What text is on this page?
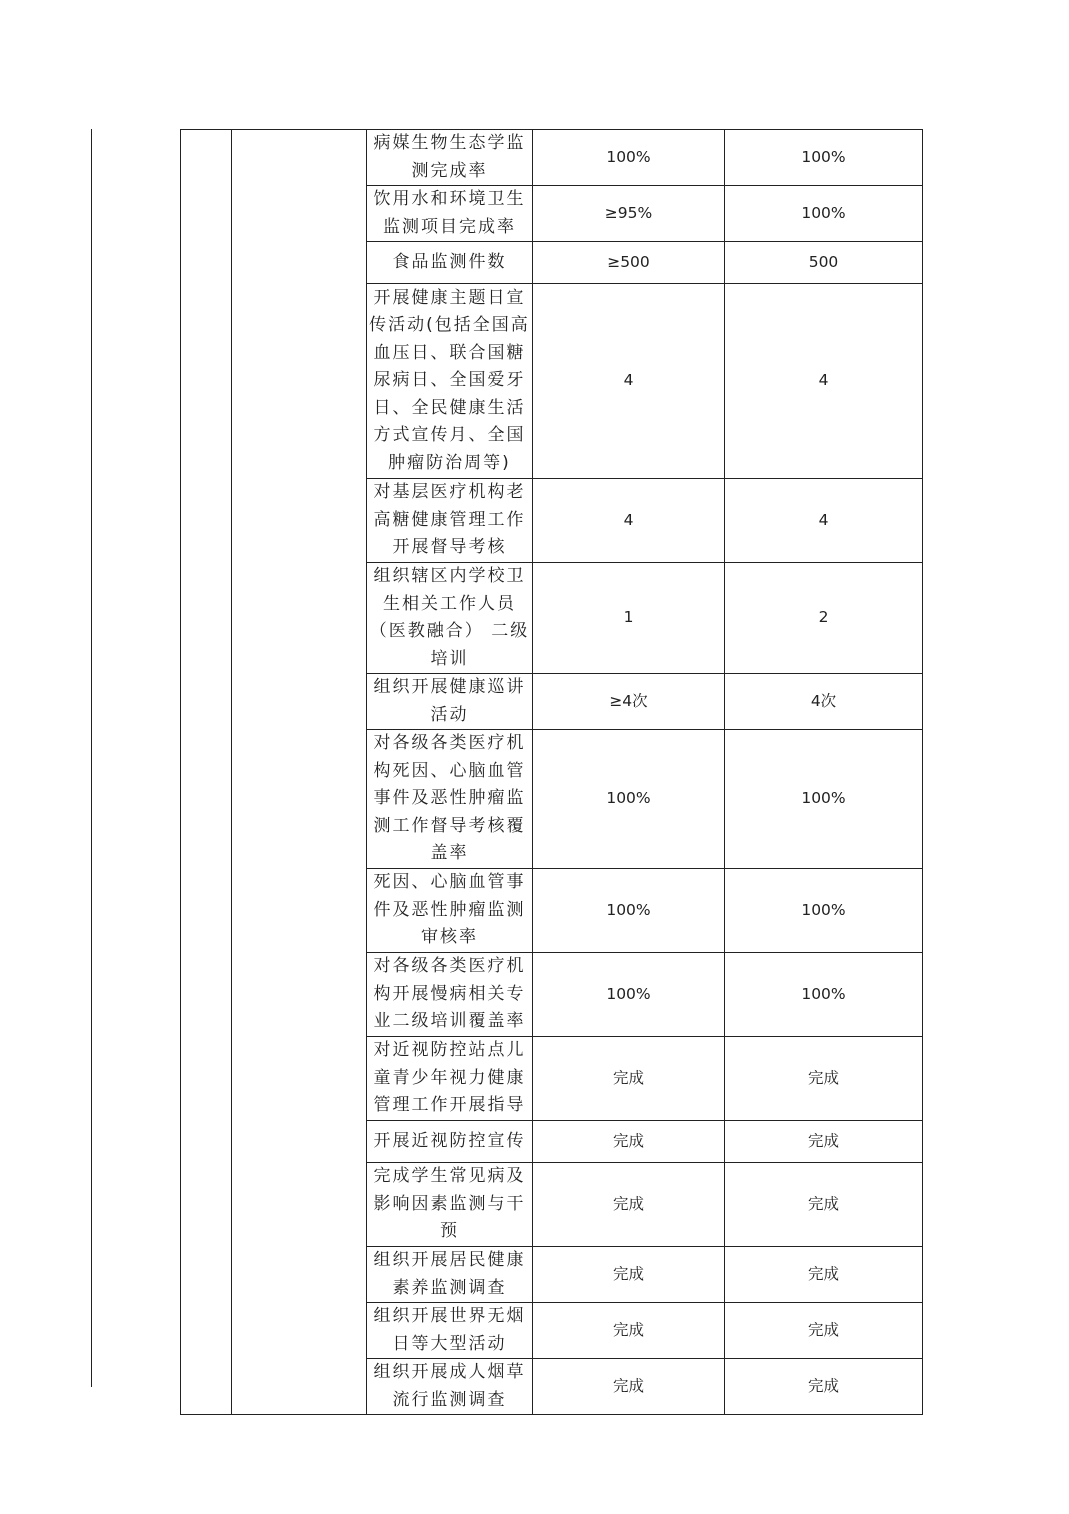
		病媒生物生态学监测完成率	100%	100%
		饮用水和环境卫生监测项目完成率	≥95%	100%
		食品监测件数	≥500	500
		开展健康主题日宣传活动(包括全国高血压日、联合国糖尿病日、全国爱牙日、全民健康生活方式宣传月、全国肿瘤防治周等)	4	4
		对基层医疗机构老高糖健康管理工作开展督导考核	4	4
		组织辖区内学校卫生相关工作人员（医教融合） 二级培训	1	2
		组织开展健康巡讲活动	≥4次	4次
		对各级各类医疗机构死因、心脑血管事件及恶性肿瘤监测工作督导考核覆盖率	100%	100%
		死因、心脑血管事件及恶性肿瘤监测审核率	100%	100%
		对各级各类医疗机构开展慢病相关专业二级培训覆盖率	100%	100%
		对近视防控站点儿童青少年视力健康管理工作开展指导	完成	完成
		开展近视防控宣传	完成	完成
		完成学生常见病及影响因素监测与干预	完成	完成
		组织开展居民健康素养监测调查	完成	完成
		组织开展世界无烟日等大型活动	完成	完成
		组织开展成人烟草流行监测调查	完成	完成
